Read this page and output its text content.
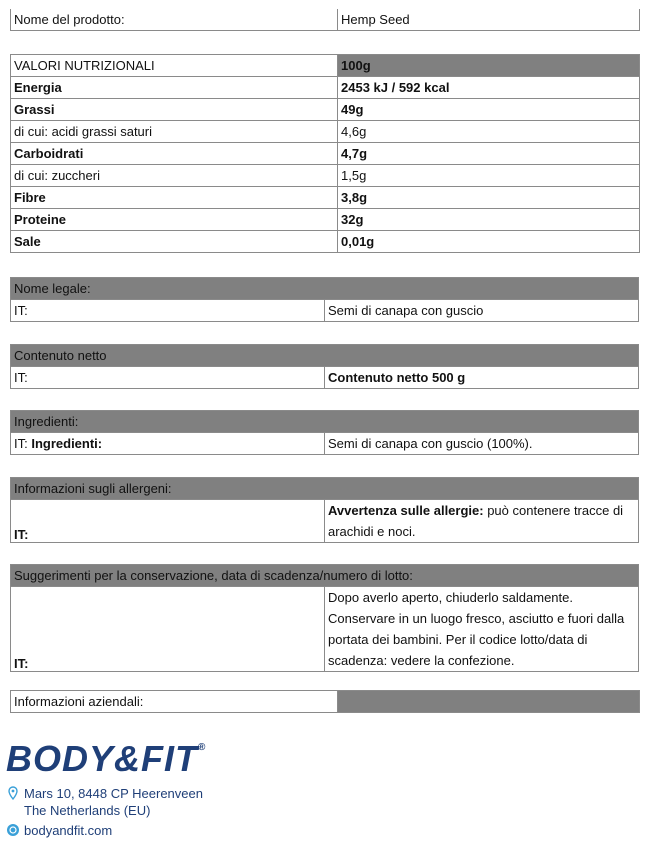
Nome del prodotto:	Hemp Seed
VALORI NUTRIZIONALI	100g
Energia	2453 kJ / 592 kcal
Grassi	49g
di cui: acidi grassi saturi	4,6g
Carboidrati	4,7g
di cui: zuccheri	1,5g
Fibre	3,8g
Proteine	32g
Sale	0,01g
Nome legale:
IT:	Semi di canapa con guscio
Contenuto netto
IT:	Contenuto netto 500 g
Ingredienti:
IT: Ingredienti:	Semi di canapa con guscio (100%).
Informazioni sugli allergeni:
IT:	Avvertenza sulle allergie: può contenere tracce di arachidi e noci.
Suggerimenti per la conservazione, data di scadenza/numero di lotto:
IT:	Dopo averlo aperto, chiuderlo saldamente. Conservare in un luogo fresco, asciutto e fuori dalla portata dei bambini. Per il codice lotto/data di scadenza: vedere la confezione.
Informazioni aziendali:	
BODY&FIT®
Mars 10, 8448 CP Heerenveen
The Netherlands (EU)
bodyandfit.com
